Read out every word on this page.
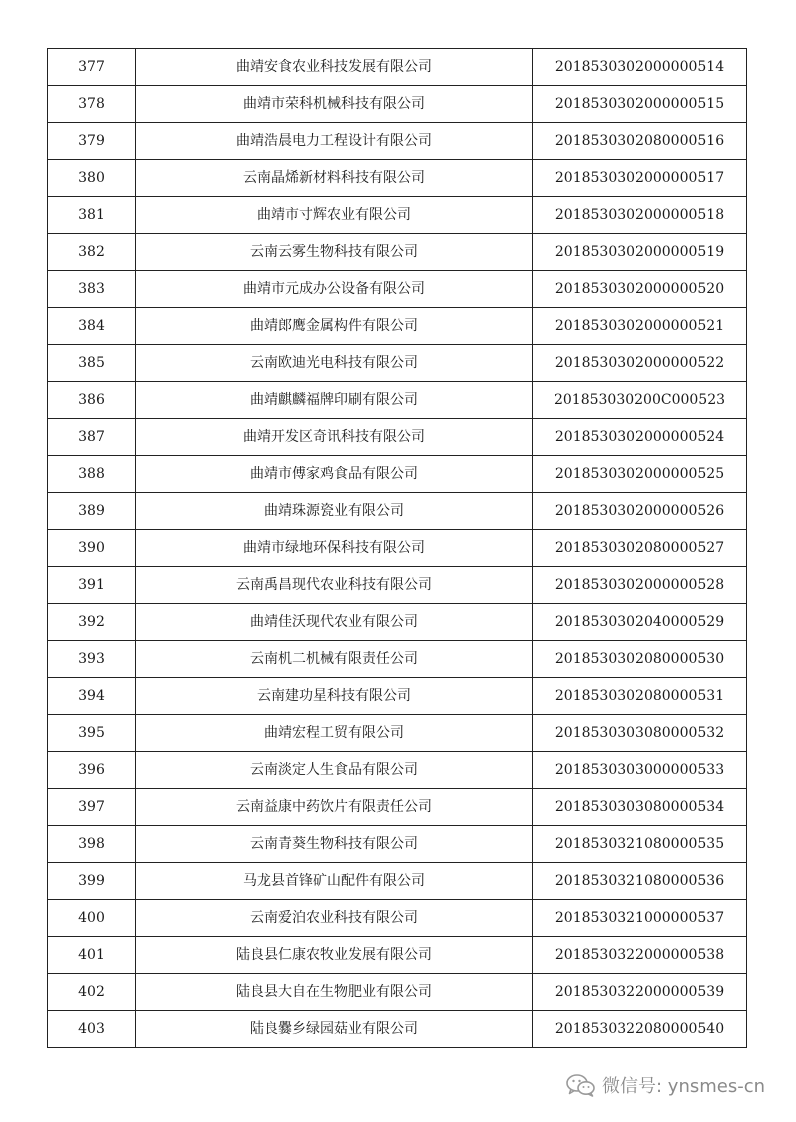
377	曲靖安食农业科技发展有限公司	2018530302000000514
378	曲靖市荣科机械科技有限公司	2018530302000000515
379	曲靖浩晨电力工程设计有限公司	2018530302080000516
380	云南晶烯新材料科技有限公司	2018530302000000517
381	曲靖市寸辉农业有限公司	2018530302000000518
382	云南云雾生物科技有限公司	2018530302000000519
383	曲靖市元成办公设备有限公司	2018530302000000520
384	曲靖郎鹰金属构件有限公司	2018530302000000521
385	云南欧迪光电科技有限公司	2018530302000000522
386	曲靖麒麟福牌印刷有限公司	201853030200C000523
387	曲靖开发区奇讯科技有限公司	2018530302000000524
388	曲靖市傅家鸡食品有限公司	2018530302000000525
389	曲靖珠源瓷业有限公司	2018530302000000526
390	曲靖市绿地环保科技有限公司	2018530302080000527
391	云南禹昌现代农业科技有限公司	2018530302000000528
392	曲靖佳沃现代农业有限公司	2018530302040000529
393	云南机二机械有限责任公司	2018530302080000530
394	云南建功星科技有限公司	2018530302080000531
395	曲靖宏程工贸有限公司	2018530303080000532
396	云南淡定人生食品有限公司	2018530303000000533
397	云南益康中药饮片有限责任公司	2018530303080000534
398	云南青葵生物科技有限公司	2018530321080000535
399	马龙县首锋矿山配件有限公司	2018530321080000536
400	云南爱泊农业科技有限公司	2018530321000000537
401	陆良县仁康农牧业发展有限公司	2018530322000000538
402	陆良县大自在生物肥业有限公司	2018530322000000539
403	陆良爨乡绿园菇业有限公司	2018530322080000540
微信号: ynsmes-cn
